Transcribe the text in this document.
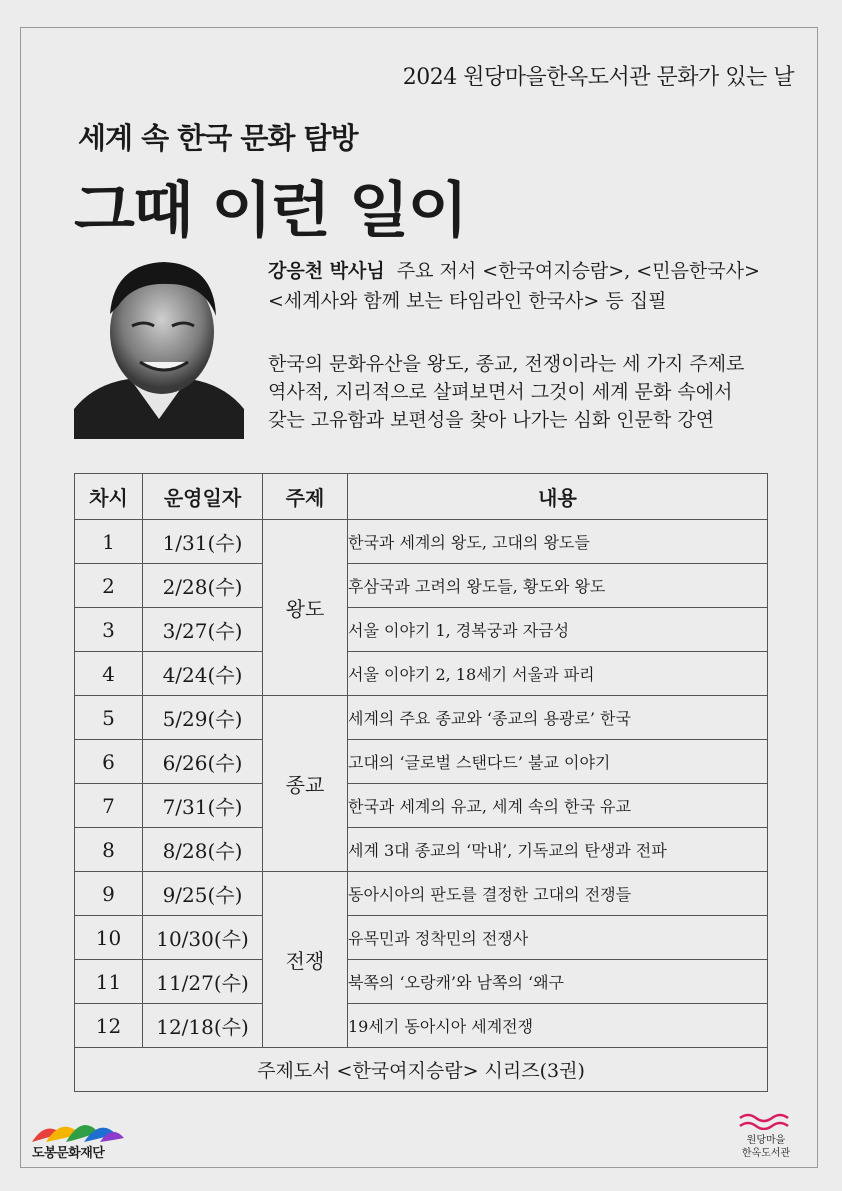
2024 원당마을한옥도서관 문화가 있는 날
세계 속 한국 문화 탐방
그때 이런 일이
강응천 박사님 주요 저서 <한국여지승람>, <민음한국사>
<세계사와 함께 보는 타임라인 한국사> 등 집필
한국의 문화유산을 왕도, 종교, 전쟁이라는 세 가지 주제로
역사적, 지리적으로 살펴보면서 그것이 세계 문화 속에서
갖는 고유함과 보편성을 찾아 나가는 심화 인문학 강연
차시	운영일자	주제	내용
1	1/31(수)	왕도	한국과 세계의 왕도, 고대의 왕도들
2	2/28(수)		후삼국과 고려의 왕도들, 황도와 왕도
3	3/27(수)		서울 이야기 1, 경복궁과 자금성
4	4/24(수)		서울 이야기 2, 18세기 서울과 파리
5	5/29(수)	종교	세계의 주요 종교와 ‘종교의 용광로’ 한국
6	6/26(수)		고대의 ‘글로벌 스탠다드’ 불교 이야기
7	7/31(수)		한국과 세계의 유교, 세계 속의 한국 유교
8	8/28(수)		세계 3대 종교의 ‘막내’, 기독교의 탄생과 전파
9	9/25(수)	전쟁	동아시아의 판도를 결정한 고대의 전쟁들
10	10/30(수)		유목민과 정착민의 전쟁사
11	11/27(수)		북쪽의 ‘오랑캐’와 남쪽의 ‘왜구
12	12/18(수)		19세기 동아시아 세계전쟁
주제도서 <한국여지승람> 시리즈(3권)			
도봉문화재단
원당마을
한옥도서관
